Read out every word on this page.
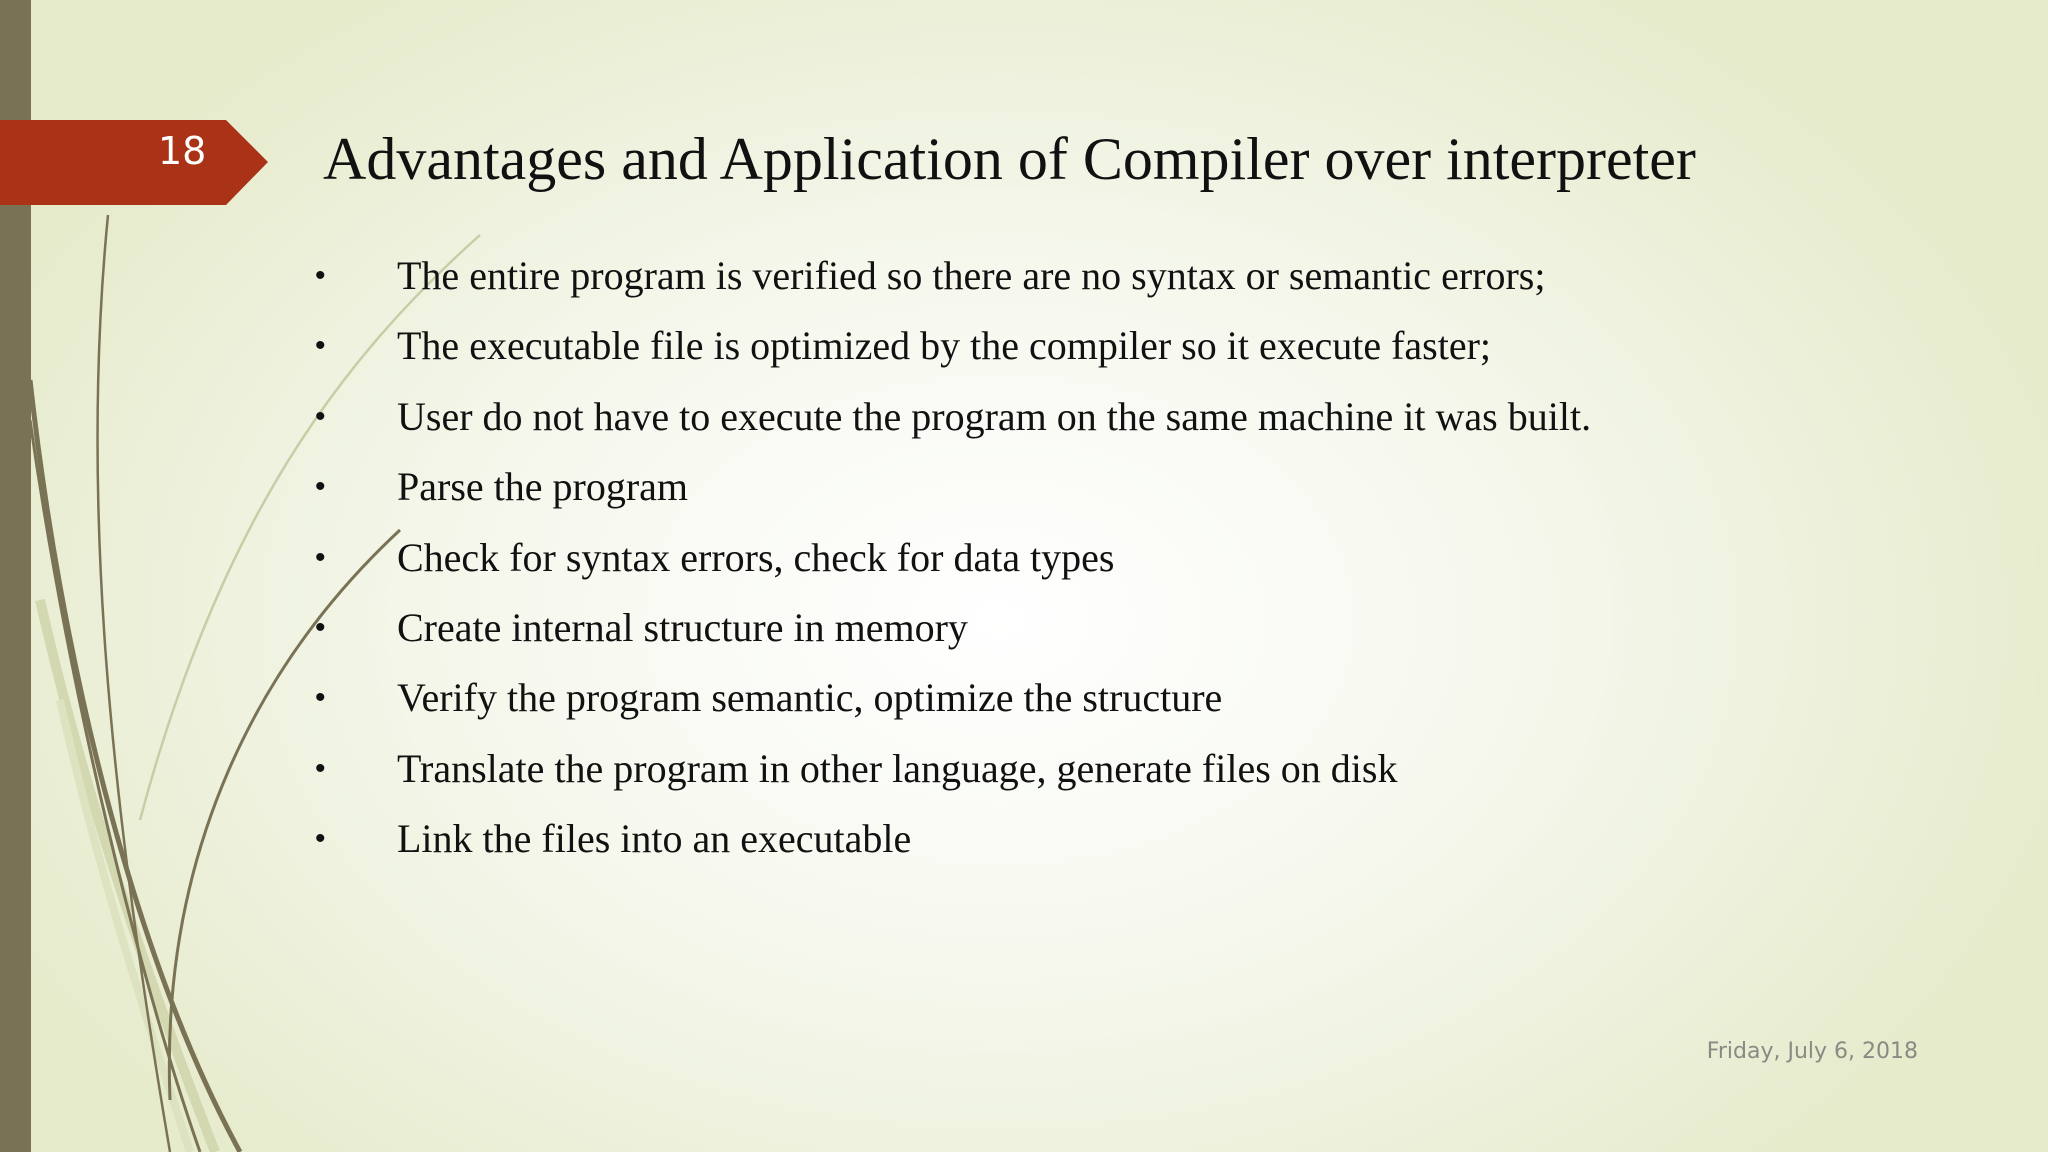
18	Advantages and Application of Compiler over interpreter
•	The entire program is verified so there are no syntax or semantic errors;
•	The executable file is optimized by the compiler so it execute faster;
•	User do not have to execute the program on the same machine it was built.
•	Parse the program
•	Check for syntax errors, check for data types
•	Create internal structure in memory
•	Verify the program semantic, optimize the structure
•	Translate the program in other language, generate files on disk
•	Link the files into an executable
Friday, July 6, 2018
